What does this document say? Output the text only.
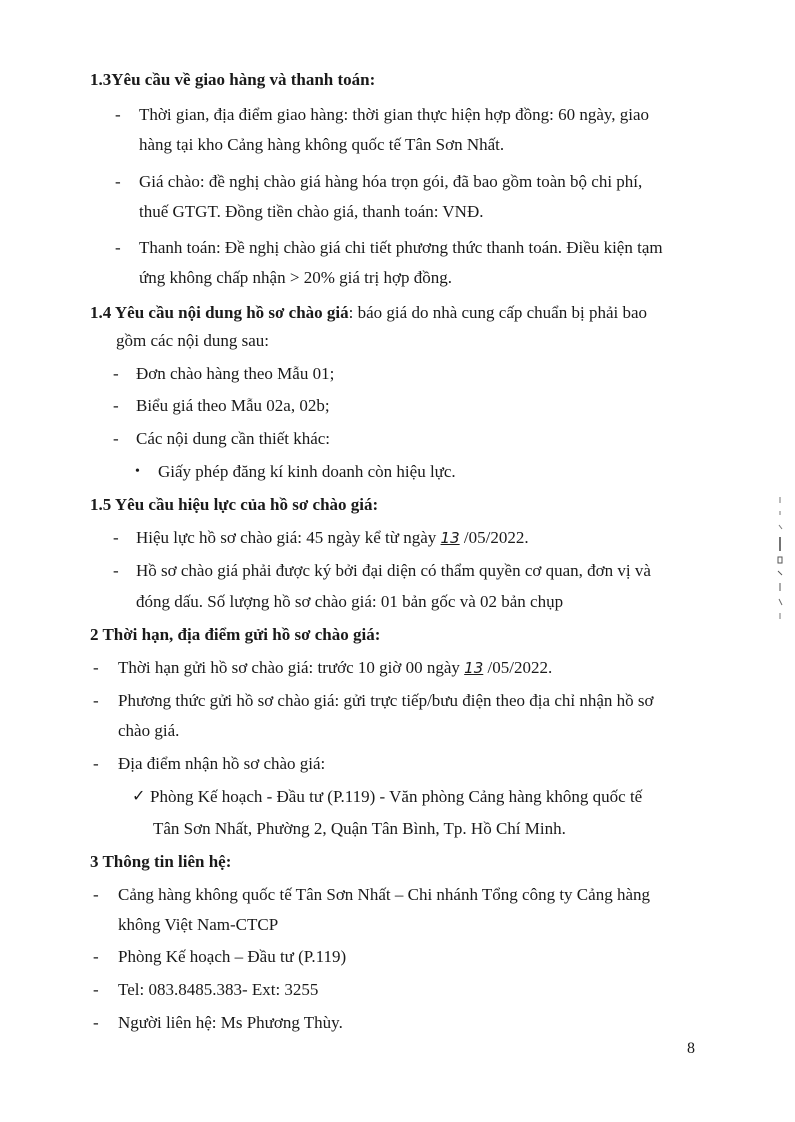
1.3Yêu cầu về giao hàng và thanh toán:
- Thời gian, địa điểm giao hàng: thời gian thực hiện hợp đồng: 60 ngày, giao
hàng tại kho Cảng hàng không quốc tế Tân Sơn Nhất.
- Giá chào: đề nghị chào giá hàng hóa trọn gói, đã bao gồm toàn bộ chi phí,
thuế GTGT. Đồng tiền chào giá, thanh toán: VNĐ.
- Thanh toán: Đề nghị chào giá chi tiết phương thức thanh toán. Điều kiện tạm
ứng không chấp nhận > 20% giá trị hợp đồng.
1.4 Yêu cầu nội dung hồ sơ chào giá: báo giá do nhà cung cấp chuẩn bị phải bao
gồm các nội dung sau:
- Đơn chào hàng theo Mẫu 01;
- Biểu giá theo Mẫu 02a, 02b;
- Các nội dung cần thiết khác:
• Giấy phép đăng kí kinh doanh còn hiệu lực.
1.5 Yêu cầu hiệu lực của hồ sơ chào giá:
- Hiệu lực hồ sơ chào giá: 45 ngày kể từ ngày 13 /05/2022.
- Hồ sơ chào giá phải được ký bởi đại diện có thẩm quyền cơ quan, đơn vị và
đóng dấu. Số lượng hồ sơ chào giá: 01 bản gốc và 02 bản chụp
2 Thời hạn, địa điểm gửi hồ sơ chào giá:
- Thời hạn gửi hồ sơ chào giá: trước 10 giờ 00 ngày 13 /05/2022.
- Phương thức gửi hồ sơ chào giá: gửi trực tiếp/bưu điện theo địa chỉ nhận hồ sơ
chào giá.
- Địa điểm nhận hồ sơ chào giá:
✓ Phòng Kế hoạch - Đầu tư (P.119) - Văn phòng Cảng hàng không quốc tế
Tân Sơn Nhất, Phường 2, Quận Tân Bình, Tp. Hồ Chí Minh.
3 Thông tin liên hệ:
- Cảng hàng không quốc tế Tân Sơn Nhất – Chi nhánh Tổng công ty Cảng hàng
không Việt Nam-CTCP
- Phòng Kế hoạch – Đầu tư (P.119)
- Tel: 083.8485.383- Ext: 3255
- Người liên hệ: Ms Phương Thùy.
8
